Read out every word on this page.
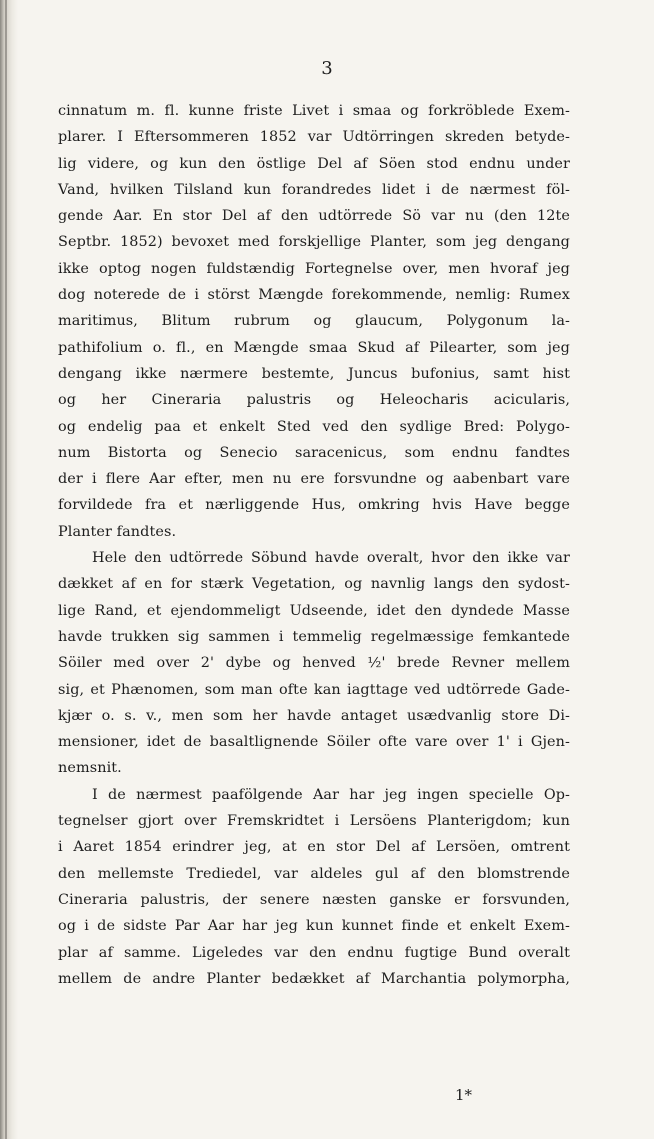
3
cinnatum m. fl. kunne friste Livet i smaa og forkröblede Exem-
plarer. I Eftersommeren 1852 var Udtörringen skreden betyde-
lig videre, og kun den östlige Del af Söen stod endnu under
Vand, hvilken Tilsland kun forandredes lidet i de nærmest föl-
gende Aar. En stor Del af den udtörrede Sö var nu (den 12te
Septbr. 1852) bevoxet med forskjellige Planter, som jeg dengang
ikke optog nogen fuldstændig Fortegnelse over, men hvoraf jeg
dog noterede de i störst Mængde forekommende, nemlig: Rumex
maritimus, Blitum rubrum og glaucum, Polygonum la-
pathifolium o. fl., en Mængde smaa Skud af Pilearter, som jeg
dengang ikke nærmere bestemte, Juncus bufonius, samt hist
og her Cineraria palustris og Heleocharis acicularis,
og endelig paa et enkelt Sted ved den sydlige Bred: Polygo-
num Bistorta og Senecio saracenicus, som endnu fandtes
der i flere Aar efter, men nu ere forsvundne og aabenbart vare
forvildede fra et nærliggende Hus, omkring hvis Have begge
Planter fandtes.
Hele den udtörrede Söbund havde overalt, hvor den ikke var
dækket af en for stærk Vegetation, og navnlig langs den sydost-
lige Rand, et ejendommeligt Udseende, idet den dyndede Masse
havde trukken sig sammen i temmelig regelmæssige femkantede
Söiler med over 2' dybe og henved ½' brede Revner mellem
sig, et Phænomen, som man ofte kan iagttage ved udtörrede Gade-
kjær o. s. v., men som her havde antaget usædvanlig store Di-
mensioner, idet de basaltlignende Söiler ofte vare over 1' i Gjen-
nemsnit.
I de nærmest paafölgende Aar har jeg ingen specielle Op-
tegnelser gjort over Fremskridtet i Lersöens Planterigdom; kun
i Aaret 1854 erindrer jeg, at en stor Del af Lersöen, omtrent
den mellemste Trediedel, var aldeles gul af den blomstrende
Cineraria palustris, der senere næsten ganske er forsvunden,
og i de sidste Par Aar har jeg kun kunnet finde et enkelt Exem-
plar af samme. Ligeledes var den endnu fugtige Bund overalt
mellem de andre Planter bedækket af Marchantia polymorpha,
1*
